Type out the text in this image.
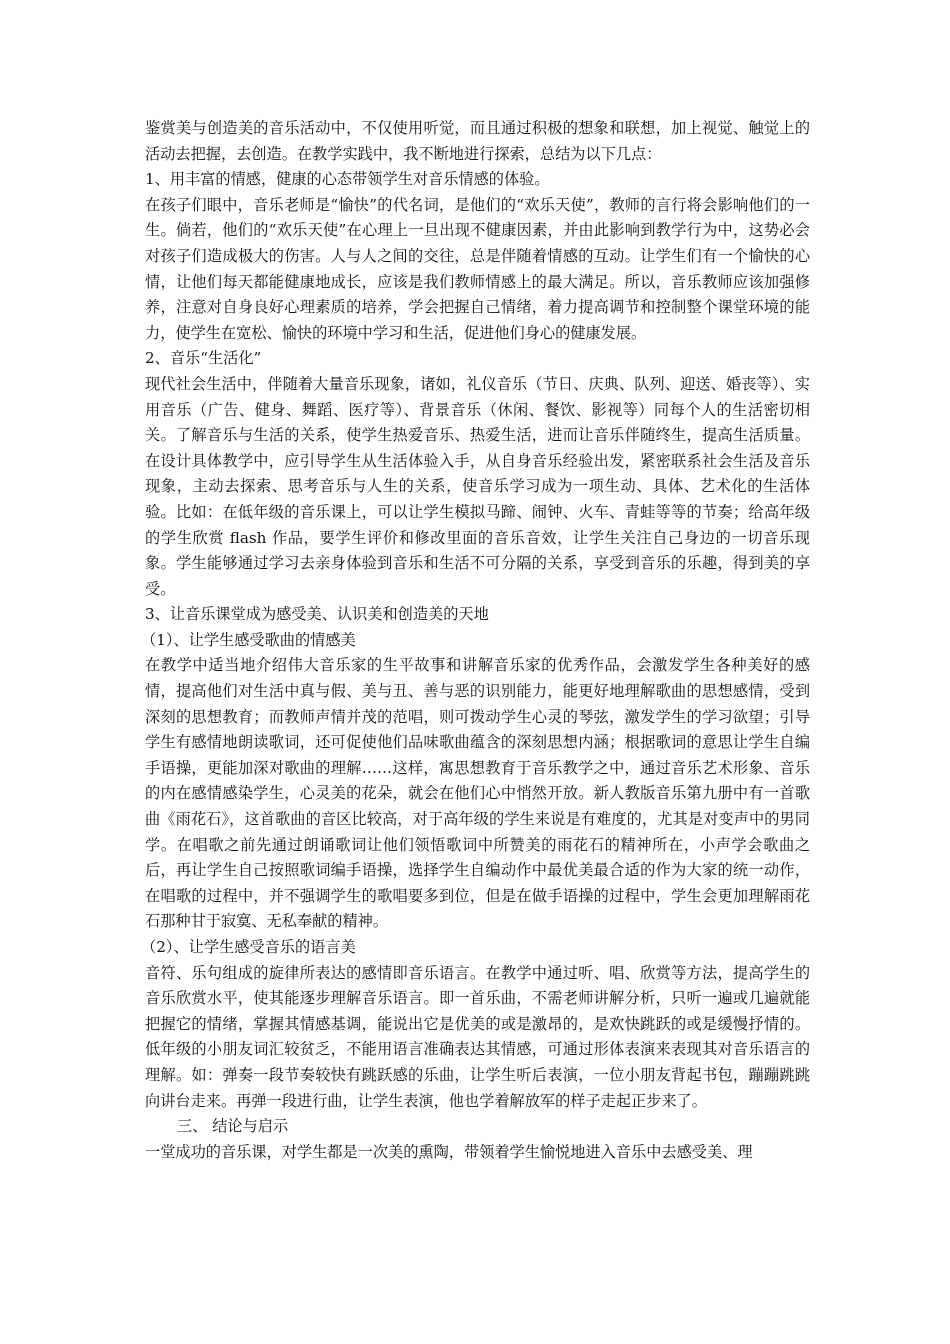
鉴赏美与创造美的音乐活动中，不仅使用听觉，而且通过积极的想象和联想，加上视觉、触觉上的活动去把握，去创造。在教学实践中，我不断地进行探索，总结为以下几点：

1、用丰富的情感，健康的心态带领学生对音乐情感的体验。

在孩子们眼中，音乐老师是“愉快”的代名词，是他们的“欢乐天使”，教师的言行将会影响他们的一生。倘若，他们的“欢乐天使”在心理上一旦出现不健康因素，并由此影响到教学行为中，这势必会对孩子们造成极大的伤害。人与人之间的交往，总是伴随着情感的互动。让学生们有一个愉快的心情，让他们每天都能健康地成长，应该是我们教师情感上的最大满足。所以，音乐教师应该加强修养，注意对自身良好心理素质的培养，学会把握自己情绪，着力提高调节和控制整个课堂环境的能力，使学生在宽松、愉快的环境中学习和生活，促进他们身心的健康发展。

2、音乐“生活化”

现代社会生活中，伴随着大量音乐现象，诸如，礼仪音乐（节日、庆典、队列、迎送、婚丧等）、实用音乐（广告、健身、舞蹈、医疗等）、背景音乐（休闲、餐饮、影视等）同每个人的生活密切相关。了解音乐与生活的关系，使学生热爱音乐、热爱生活，进而让音乐伴随终生，提高生活质量。在设计具体教学中，应引导学生从生活体验入手，从自身音乐经验出发，紧密联系社会生活及音乐现象，主动去探索、思考音乐与人生的关系，使音乐学习成为一项生动、具体、艺术化的生活体验。比如：在低年级的音乐课上，可以让学生模拟马蹄、闹钟、火车、青蛙等等的节奏；给高年级的学生欣赏 flash 作品，要学生评价和修改里面的音乐音效，让学生关注自己身边的一切音乐现象。学生能够通过学习去亲身体验到音乐和生活不可分隔的关系，享受到音乐的乐趣，得到美的享受。

3、让音乐课堂成为感受美、认识美和创造美的天地

（1）、让学生感受歌曲的情感美

在教学中适当地介绍伟大音乐家的生平故事和讲解音乐家的优秀作品，会激发学生各种美好的感情，提高他们对生活中真与假、美与丑、善与恶的识别能力，能更好地理解歌曲的思想感情，受到深刻的思想教育；而教师声情并茂的范唱，则可拨动学生心灵的琴弦，激发学生的学习欲望；引导学生有感情地朗读歌词，还可促使他们品味歌曲蕴含的深刻思想内涵；根据歌词的意思让学生自编手语操，更能加深对歌曲的理解……这样，寓思想教育于音乐教学之中，通过音乐艺术形象、音乐的内在感情感染学生，心灵美的花朵，就会在他们心中悄然开放。新人教版音乐第九册中有一首歌曲《雨花石》，这首歌曲的音区比较高，对于高年级的学生来说是有难度的，尤其是对变声中的男同学。在唱歌之前先通过朗诵歌词让他们领悟歌词中所赞美的雨花石的精神所在，小声学会歌曲之后，再让学生自己按照歌词编手语操，选择学生自编动作中最优美最合适的作为大家的统一动作，在唱歌的过程中，并不强调学生的歌唱要多到位，但是在做手语操的过程中，学生会更加理解雨花石那种甘于寂寞、无私奉献的精神。

（2）、让学生感受音乐的语言美

音符、乐句组成的旋律所表达的感情即音乐语言。在教学中通过听、唱、欣赏等方法，提高学生的音乐欣赏水平，使其能逐步理解音乐语言。即一首乐曲，不需老师讲解分析，只听一遍或几遍就能把握它的情绪，掌握其情感基调，能说出它是优美的或是激昂的，是欢快跳跃的或是缓慢抒情的。低年级的小朋友词汇较贫乏，不能用语言准确表达其情感，可通过形体表演来表现其对音乐语言的理解。如：弹奏一段节奏较快有跳跃感的乐曲，让学生听后表演，一位小朋友背起书包，蹦蹦跳跳向讲台走来。再弹一段进行曲，让学生表演，他也学着解放军的样子走起正步来了。

三、 结论与启示

一堂成功的音乐课，对学生都是一次美的熏陶，带领着学生愉悦地进入音乐中去感受美、理
